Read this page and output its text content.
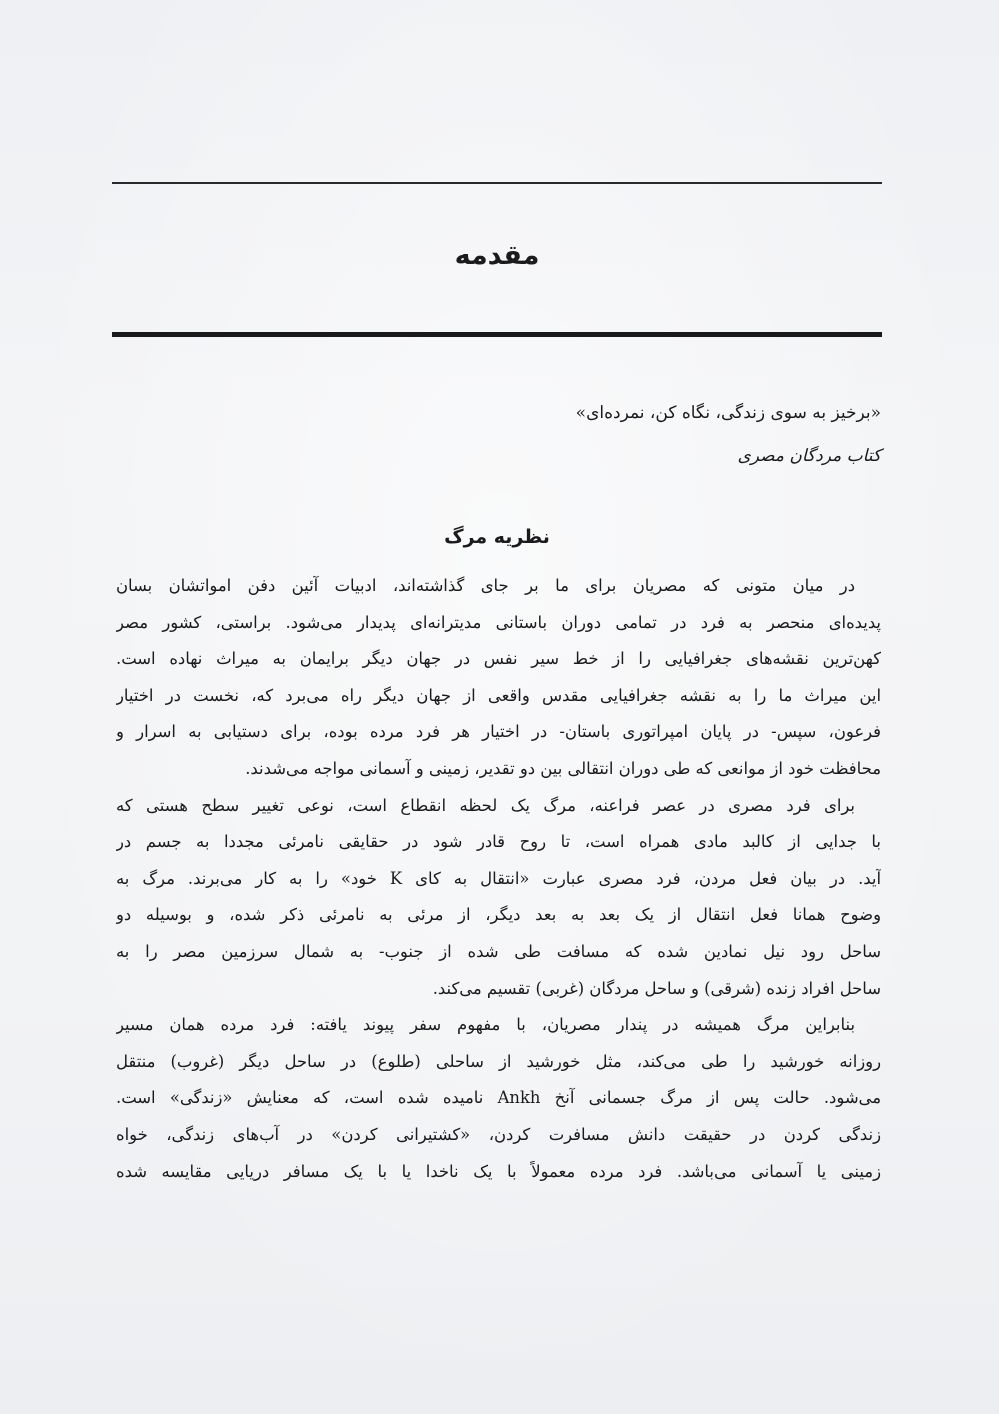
مقدمه
«برخیز به سوی زندگی، نگاه کن، نمرده‌ای»
کتاب مردگان مصری
نظریه مرگ
در میان متونی که مصریان برای ما بر جای گذاشته‌اند، ادبیات آئین دفن امواتشان بسان
پدیده‌ای منحصر به فرد در تمامی دوران باستانی مدیترانه‌ای پدیدار می‌شود. براستی، کشور مصر
کهن‌ترین نقشه‌های جغرافیایی را از خط سیر نفس در جهان دیگر برایمان به میراث نهاده است.
این میراث ما را به نقشه جغرافیایی مقدس واقعی از جهان دیگر راه می‌برد که، نخست در اختیار
فرعون، سپس- در پایان امپراتوری باستان- در اختیار هر فرد مرده بوده، برای دستیابی به اسرار و
محافظت خود از موانعی که طی دوران انتقالی بین دو تقدیر، زمینی و آسمانی مواجه می‌شدند.
برای فرد مصری در عصر فراعنه، مرگ یک لحظه انقطاع است، نوعی تغییر سطح هستی که
با جدایی از کالبد مادی همراه است، تا روح قادر شود در حقایقی نامرئی مجددا به جسم در
آید. در بیان فعل مردن، فرد مصری عبارت «انتقال به کای K خود» را به کار می‌برند. مرگ به
وضوح همانا فعل انتقال از یک بعد به بعد دیگر، از مرئی به نامرئی ذکر شده، و بوسیله دو
ساحل رود نیل نمادین شده که مسافت طی شده از جنوب- به شمال سرزمین مصر را به
ساحل افراد زنده (شرقی) و ساحل مردگان (غربی) تقسیم می‌کند.
بنابراین مرگ همیشه در پندار مصریان، با مفهوم سفر پیوند یافته: فرد مرده همان مسیر
روزانه خورشید را طی می‌کند، مثل خورشید از ساحلی (طلوع) در ساحل دیگر (غروب) منتقل
می‌شود. حالت پس از مرگ جسمانی آنخ Ankh نامیده شده است، که معنایش «زندگی» است.
زندگی کردن در حقیقت دانش مسافرت کردن، «کشتیرانی کردن» در آب‌های زندگی، خواه
زمینی یا آسمانی می‌باشد. فرد مرده معمولاً با یک ناخدا یا با یک مسافر دریایی مقایسه شده
